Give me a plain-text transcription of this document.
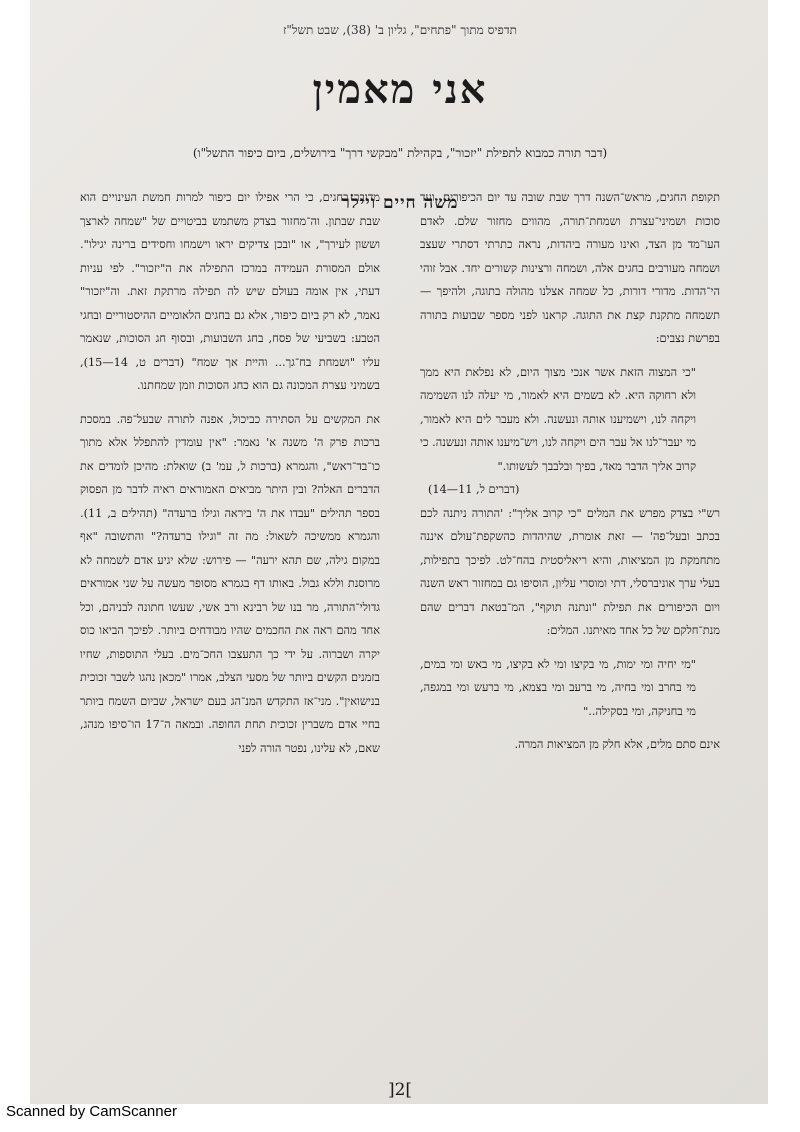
תדפיס מתוך "פתחים", גליון ב' (38), שבט תשל"ז
אני מאמין
(דבר תורה כמבוא לתפילת "יזכור", בקהילת "מבקשי דרך" בירושלים, ביום כיפור התשל"ו)
משה חיים ויילר

תקופת החגים, מראש־השנה דרך שבת שובה עד יום הכיפורים, ועד סוכות ושמיני־עצרת ושמחת־תורה, מהווים מחזור שלם. לאדם העו־מד מן הצד, ואינו מעורה ביהדות, נראה כתרתי דסתרי שעצב ושמחה מעורבים בחגים אלה, ושמחה ורצינות קשורים יחד. אבל זוהי הי־הדות. מדורי דורות, כל שמחה אצלנו מהולה בתוגה, ולהיפך — תשמחה מתקנת קצת את התוגה. קראנו לפני מספר שבועות בתורה בפרשת נצבים:

"כי המצוה הזאת אשר אנכי מצוך היום, לא נפלאת היא ממך ולא רחוקה היא. לא בשמים היא לאמור, מי יעלה לנו השמימה ויקחה לנו, וישמיענו אותה ונעשנה. ולא מעבר לים היא לאמור, מי יעבר־לנו אל עבר הים ויקחה לנו, ויש־מיענו אותה ונעשנה. כי קרוב אליך הדבר מאד, בפיך ובלבבך לעשותו."

(דברים ל, 11—14)

רש"י בצדק מפרש את המלים "כי קרוב אליך": 'התורה ניתנה לכם בכתב ובעל־פה' — זאת אומרת, שהיהדות כהשקפת־עולם איננה מתחמקת מן המציאות, והיא ריאליסטית בהח־לט. לפיכך בתפילות, בעלי ערך אוניברסלי, דתי ומוסרי עליון, הוסיפו גם במחזור ראש השנה ויום הכיפורים את תפילת "ונתנה תוקף", המ־בטאת דברים שהם מנת־חלקם של כל אחד מאיתנו. המלים:

"מי יחיה ומי ימות, מי בקיצו ומי לא בקיצו, מי באש ומי במים, מי בחרב ומי בחיה, מי ברעב ומי בצמא, מי ברעש ומי במגפה, מי בחניקה, ומי בסקילה.."

אינם סתם מלים, אלא חלק מן המציאות המרה.

מדובר בחגים, כי הרי אפילו יום כיפור למרות חמשת העינויים הוא שבת שבתון. וה־מחזור בצדק משתמש בביטויים של "שמחה לארצך וששון לעירך", או "ובכן צדיקים יראו וישמחו וחסידים ברינה יגילו". אולם המסורת העמידה במרכז התפילה את ה"יזכור". לפי עניות דעתי, אין אומה בעולם שיש לה תפילה מרתקת זאת. וה"יזכור" נאמר, לא רק ביום כיפור, אלא גם בחגים הלאומיים ההיסטוריים ובחגי הטבע: בשביעי של פסח, בחג השבועות, ובסוף חג הסוכות, שנאמר עליו "ושמחת בח־גך... והיית אך שמח" (דברים ט, 14—15), בשמיני עצרת המכונה גם הוא כחג הסוכות וזמן שמחתנו.

את המקשים על הסתירה כביכול, אפנה לתורה שבעל־פה. במסכת ברכות פרק ה' משנה א' נאמר: "אין עומדין להתפלל אלא מתוך כו־בד־ראש", והגמרא (ברכות ל, עמ' ב) שואלת: מהיכן לומדים את הדברים האלה? ובין היתר מביאים האמוראים ראיה לדבר מן הפסוק בספר תהילים "עבדו את ה' ביראה וגילו ברעדה" (תהילים ב, 11). והגמרא ממשיכה לשאול: מה זה "וגילו ברעדה?" והתשובה "אף במקום גילה, שם תהא ירעה" — פירוש: שלא יגיע אדם לשמחה לא מרוסנת וללא גבול. באותו דף בגמרא מסופר מעשה על שני אמוראים גדולי־התורה, מר בנו של רבינא ורב אשי, שעשו חתונה לבניהם, וכל אחד מהם ראה את החכמים שהיו מבודחים ביותר. לפיכך הביאו כוס יקרה ושברוה. על ידי כך התעצבו החכ־מים. בעלי התוספות, שחיו בזמנים הקשים ביותר של מסעי הצלב, אמרו "מכאן נהגו לשבר זכוכית בנישואין". מני־אז התקדש המנ־הג בעם ישראל, שביום השמח ביותר בחיי אדם משברין זכוכית תחת החופה. ובמאה ה־17 הו־סיפו מנהג, שאם, לא עלינו, נפטר הורה לפני

]2[
Scanned by CamScanner
